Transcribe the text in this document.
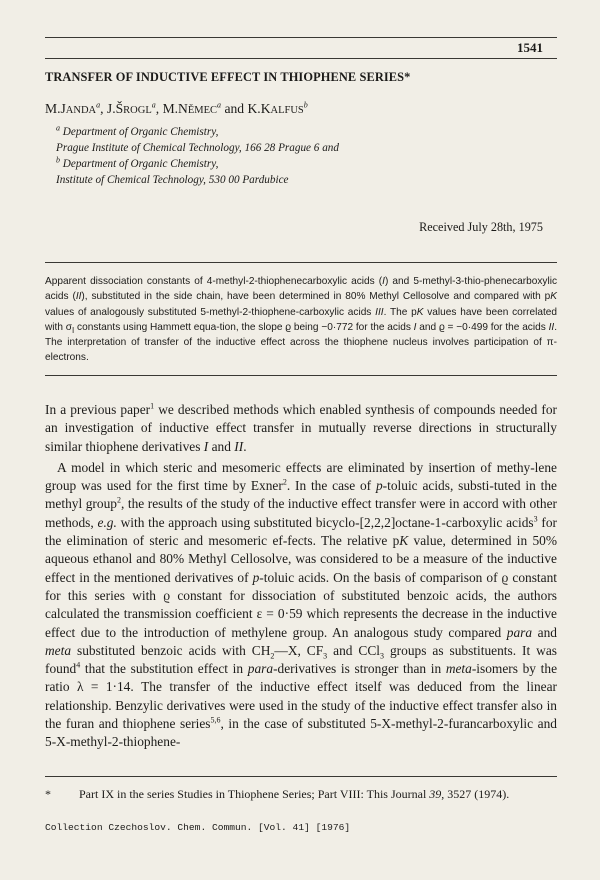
1541
TRANSFER OF INDUCTIVE EFFECT IN THIOPHENE SERIES*
M.JANDA$^a$, J.ŠROGL$^a$, M.NĚMEC$^a$ and K.KALFUS$^b$
$^a$ Department of Organic Chemistry,
Prague Institute of Chemical Technology, 166 28 Prague 6 and
$^b$ Department of Organic Chemistry,
Institute of Chemical Technology, 530 00 Pardubice
Received July 28th, 1975
Apparent dissociation constants of 4-methyl-2-thiophenecarboxylic acids (I) and 5-methyl-3-thio-phenecarboxylic acids (II), substituted in the side chain, have been determined in 80% Methyl Cellosolve and compared with pK values of analogously substituted 5-methyl-2-thiophene-carboxylic acids III. The pK values have been correlated with $\sigma_I$ constants using Hammett equa-tion, the slope ϱ being −0·772 for the acids I and ϱ = −0·499 for the acids II. The interpretation of transfer of the inductive effect across the thiophene nucleus involves participation of π-electrons.

In a previous paper$^1$ we described methods which enabled synthesis of compounds needed for an investigation of inductive effect transfer in mutually reverse directions in structurally similar thiophene derivatives I and II.

A model in which steric and mesomeric effects are eliminated by insertion of methy-lene group was used for the first time by Exner$^2$. In the case of p-toluic acids, substi-tuted in the methyl group$^2$, the results of the study of the inductive effect transfer were in accord with other methods, e.g. with the approach using substituted bicyclo-[2,2,2]octane-1-carboxylic acids$^3$ for the elimination of steric and mesomeric ef-fects. The relative pK value, determined in 50% aqueous ethanol and 80% Methyl Cellosolve, was considered to be a measure of the inductive effect in the mentioned derivatives of p-toluic acids. On the basis of comparison of ϱ constant for this series with ϱ constant for dissociation of substituted benzoic acids, the authors calculated the transmission coefficient ε = 0·59 which represents the decrease in the inductive effect due to the introduction of methylene group. An analogous study compared para and meta substituted benzoic acids with $CH_2—X$, $CF_3$ and CCl$_3$ groups as substituents. It was found$^4$ that the substitution effect in para-derivatives is stronger than in meta-isomers by the ratio λ = 1·14. The transfer of the inductive effect itself was deduced from the linear relationship. Benzylic derivatives were used in the study of the inductive effect transfer also in the furan and thiophene series$^{5,6}$, in the case of substituted 5-X-methyl-2-furancarboxylic and 5-X-methyl-2-thiophene-

* Part IX in the series Studies in Thiophene Series; Part VIII: This Journal 39, 3527 (1974).
Collection Czechoslov. Chem. Commun. [Vol. 41] [1976]
